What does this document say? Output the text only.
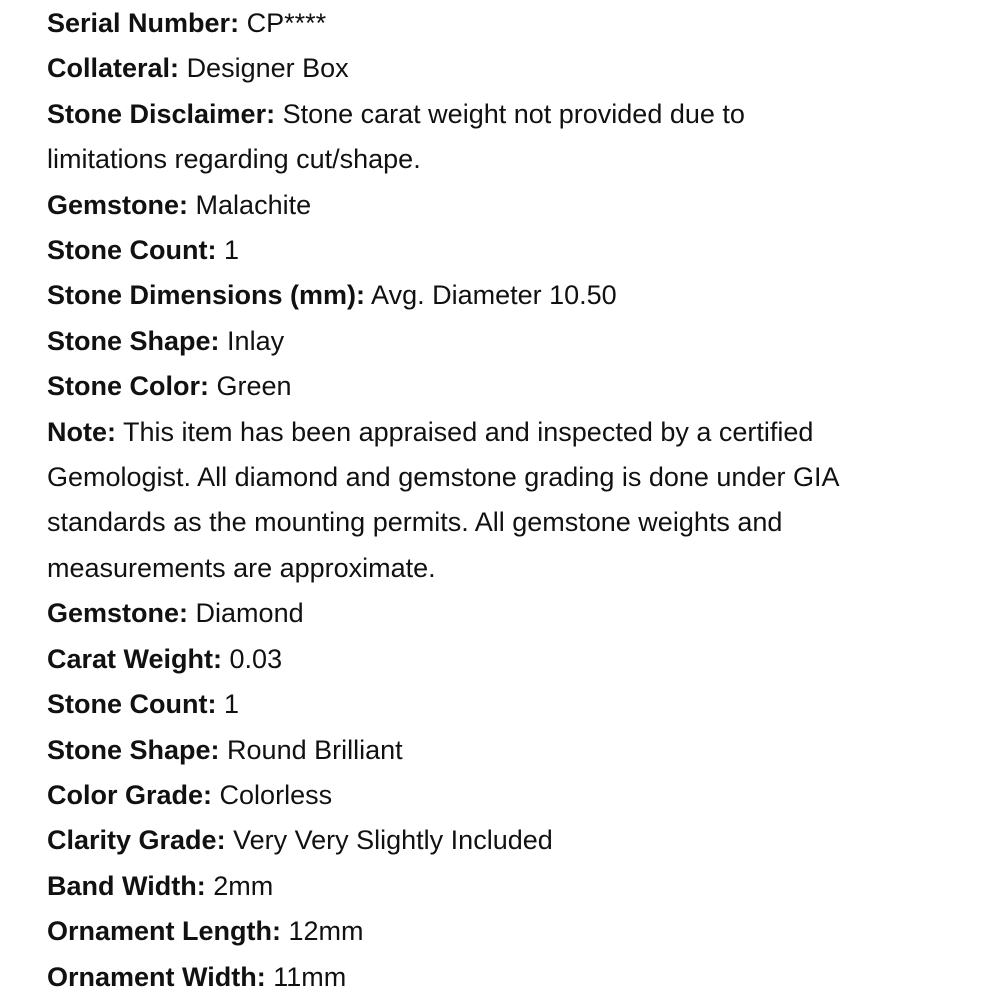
Serial Number: CP****
Collateral: Designer Box
Stone Disclaimer: Stone carat weight not provided due to limitations regarding cut/shape.
Gemstone: Malachite
Stone Count: 1
Stone Dimensions (mm): Avg. Diameter 10.50
Stone Shape: Inlay
Stone Color: Green
Note: This item has been appraised and inspected by a certified Gemologist. All diamond and gemstone grading is done under GIA standards as the mounting permits. All gemstone weights and measurements are approximate.
Gemstone: Diamond
Carat Weight: 0.03
Stone Count: 1
Stone Shape: Round Brilliant
Color Grade: Colorless
Clarity Grade: Very Very Slightly Included
Band Width: 2mm
Ornament Length: 12mm
Ornament Width: 11mm
